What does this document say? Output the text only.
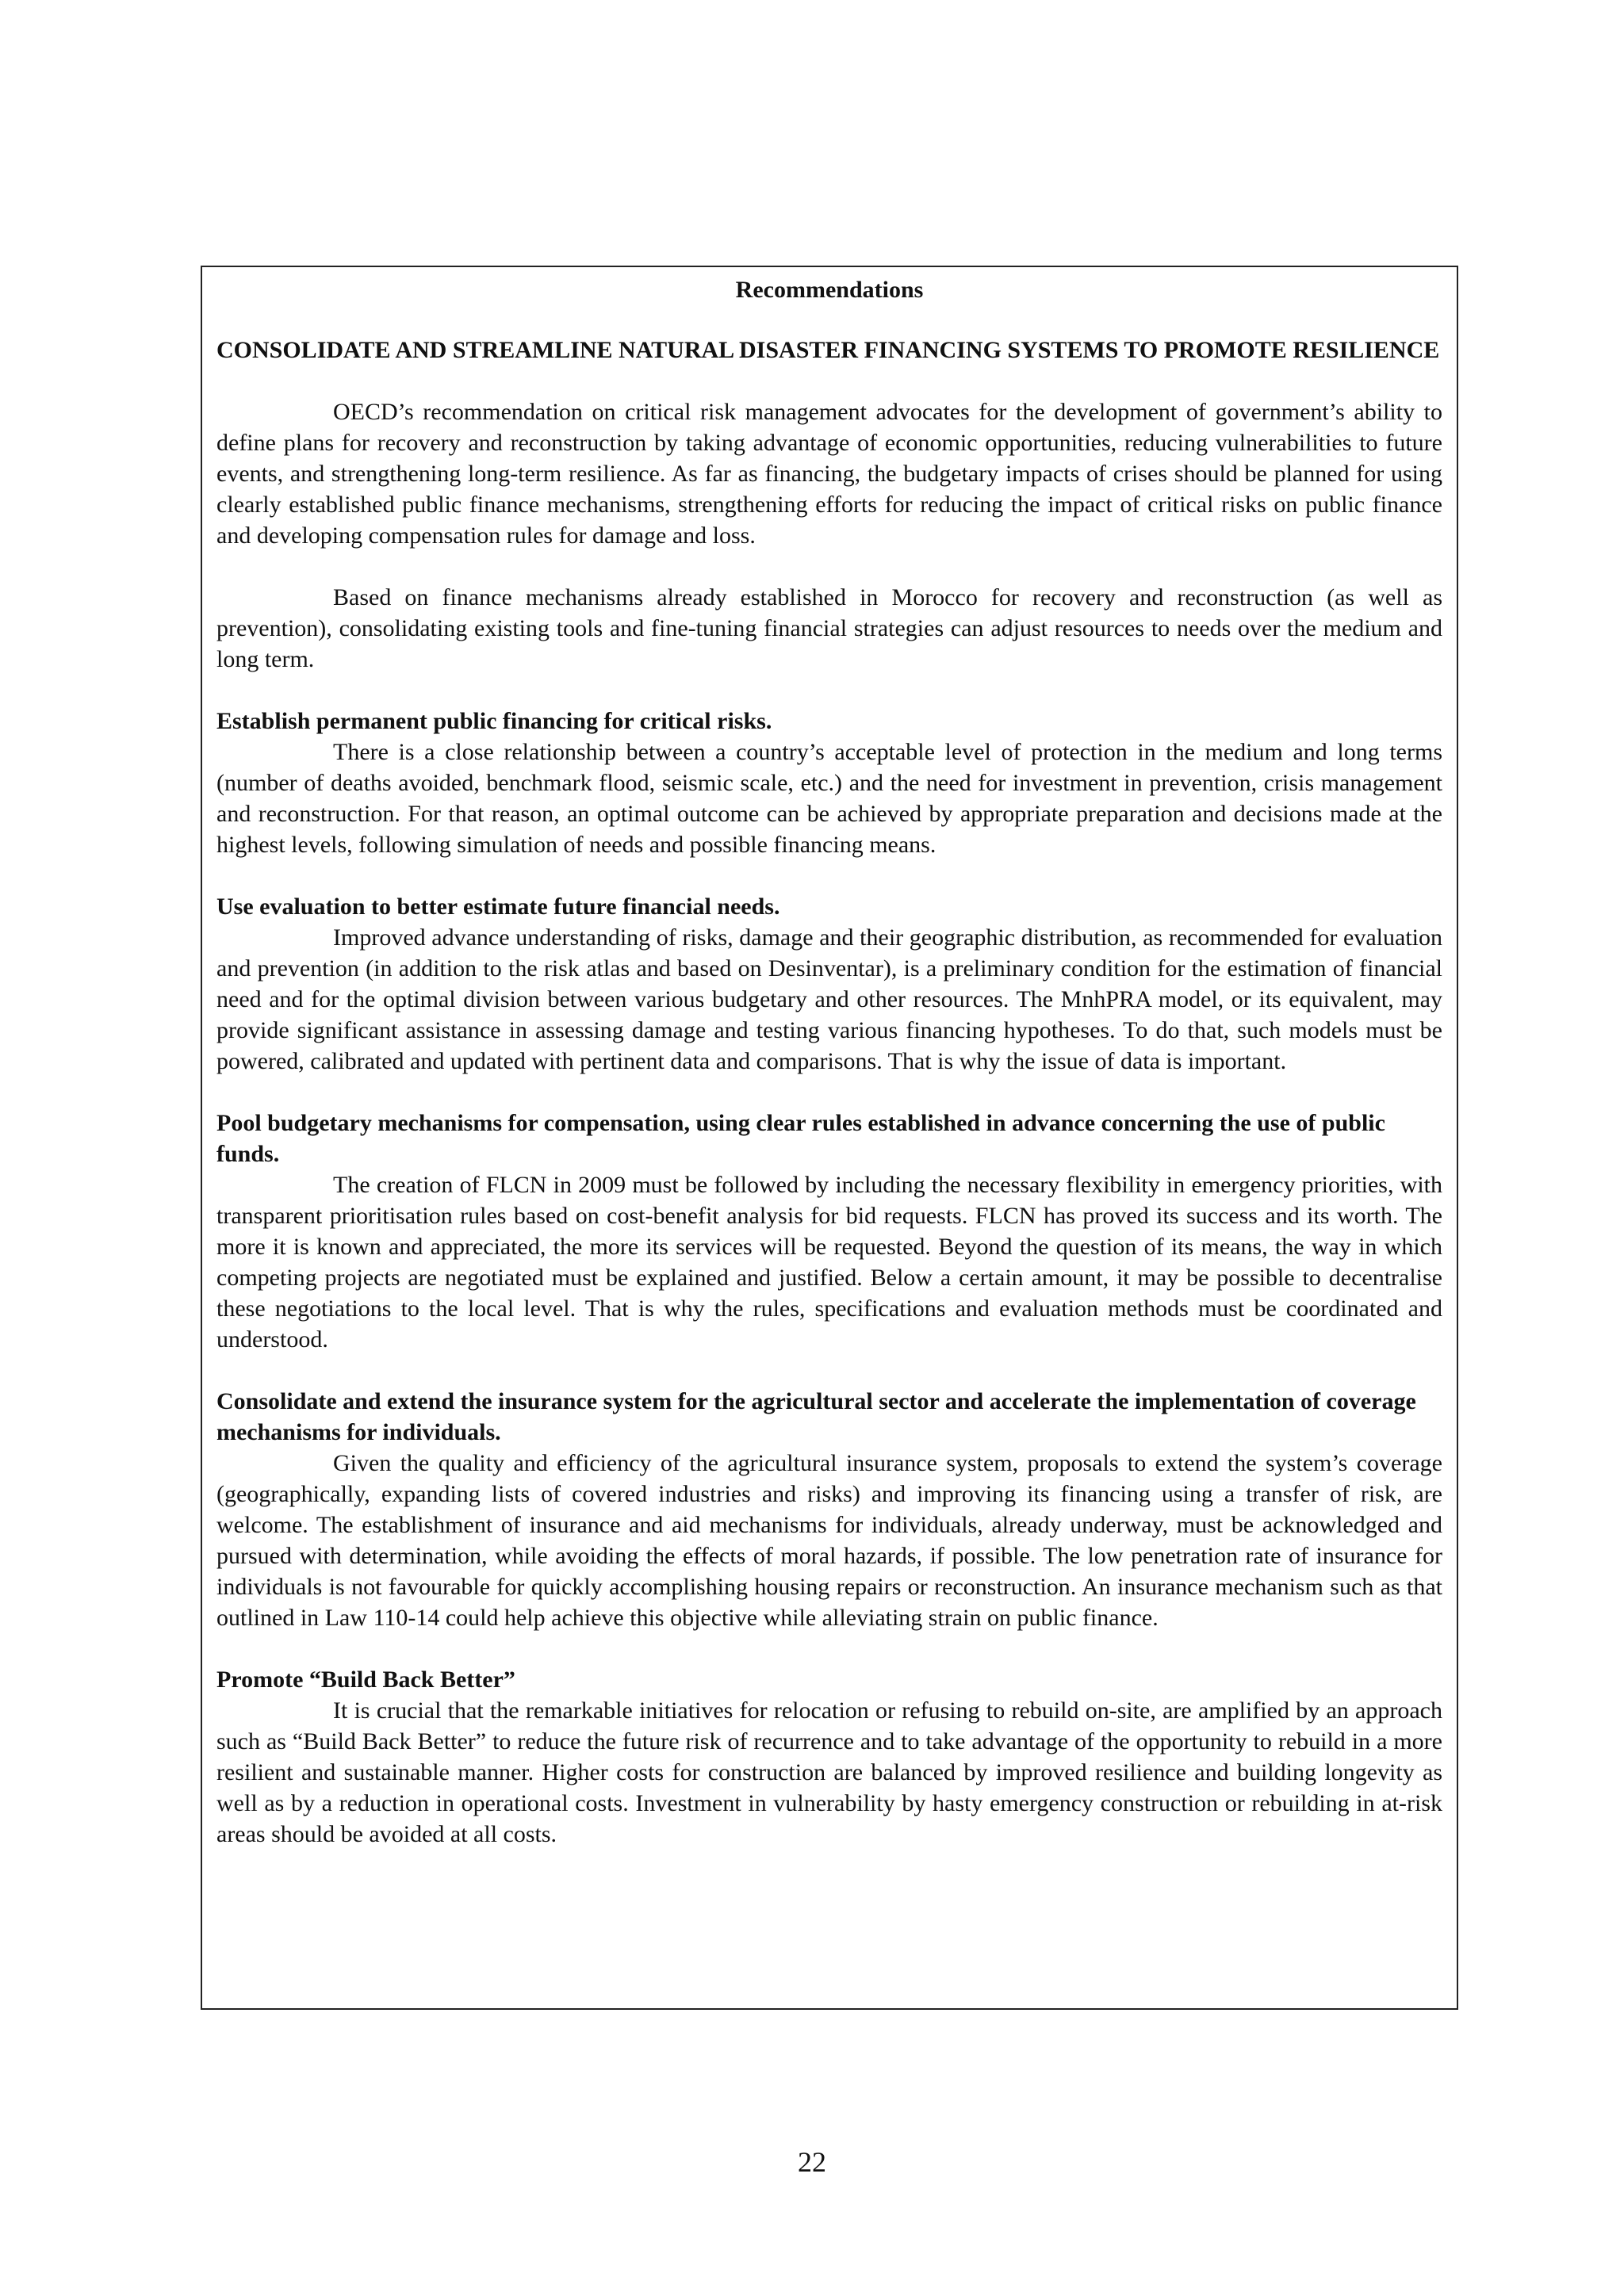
Recommendations
CONSOLIDATE AND STREAMLINE NATURAL DISASTER FINANCING SYSTEMS TO PROMOTE RESILIENCE

OECD’s recommendation on critical risk management advocates for the development of government’s ability to define plans for recovery and reconstruction by taking advantage of economic opportunities, reducing vulnerabilities to future events, and strengthening long-term resilience. As far as financing, the budgetary impacts of crises should be planned for using clearly established public finance mechanisms, strengthening efforts for reducing the impact of critical risks on public finance and developing compensation rules for damage and loss.

Based on finance mechanisms already established in Morocco for recovery and reconstruction (as well as prevention), consolidating existing tools and fine-tuning financial strategies can adjust resources to needs over the medium and long term.

Establish permanent public financing for critical risks.

There is a close relationship between a country’s acceptable level of protection in the medium and long terms (number of deaths avoided, benchmark flood, seismic scale, etc.) and the need for investment in prevention, crisis management and reconstruction. For that reason, an optimal outcome can be achieved by appropriate preparation and decisions made at the highest levels, following simulation of needs and possible financing means.

Use evaluation to better estimate future financial needs.

Improved advance understanding of risks, damage and their geographic distribution, as recommended for evaluation and prevention (in addition to the risk atlas and based on Desinventar), is a preliminary condition for the estimation of financial need and for the optimal division between various budgetary and other resources. The MnhPRA model, or its equivalent, may provide significant assistance in assessing damage and testing various financing hypotheses. To do that, such models must be powered, calibrated and updated with pertinent data and comparisons. That is why the issue of data is important.

Pool budgetary mechanisms for compensation, using clear rules established in advance concerning the use of public funds.

The creation of FLCN in 2009 must be followed by including the necessary flexibility in emergency priorities, with transparent prioritisation rules based on cost-benefit analysis for bid requests. FLCN has proved its success and its worth. The more it is known and appreciated, the more its services will be requested. Beyond the question of its means, the way in which competing projects are negotiated must be explained and justified. Below a certain amount, it may be possible to decentralise these negotiations to the local level. That is why the rules, specifications and evaluation methods must be coordinated and understood.

Consolidate and extend the insurance system for the agricultural sector and accelerate the implementation of coverage mechanisms for individuals.

Given the quality and efficiency of the agricultural insurance system, proposals to extend the system’s coverage (geographically, expanding lists of covered industries and risks) and improving its financing using a transfer of risk, are welcome. The establishment of insurance and aid mechanisms for individuals, already underway, must be acknowledged and pursued with determination, while avoiding the effects of moral hazards, if possible. The low penetration rate of insurance for individuals is not favourable for quickly accomplishing housing repairs or reconstruction. An insurance mechanism such as that outlined in Law 110-14 could help achieve this objective while alleviating strain on public finance.

Promote “Build Back Better”

It is crucial that the remarkable initiatives for relocation or refusing to rebuild on-site, are amplified by an approach such as “Build Back Better” to reduce the future risk of recurrence and to take advantage of the opportunity to rebuild in a more resilient and sustainable manner. Higher costs for construction are balanced by improved resilience and building longevity as well as by a reduction in operational costs. Investment in vulnerability by hasty emergency construction or rebuilding in at-risk areas should be avoided at all costs.

22
